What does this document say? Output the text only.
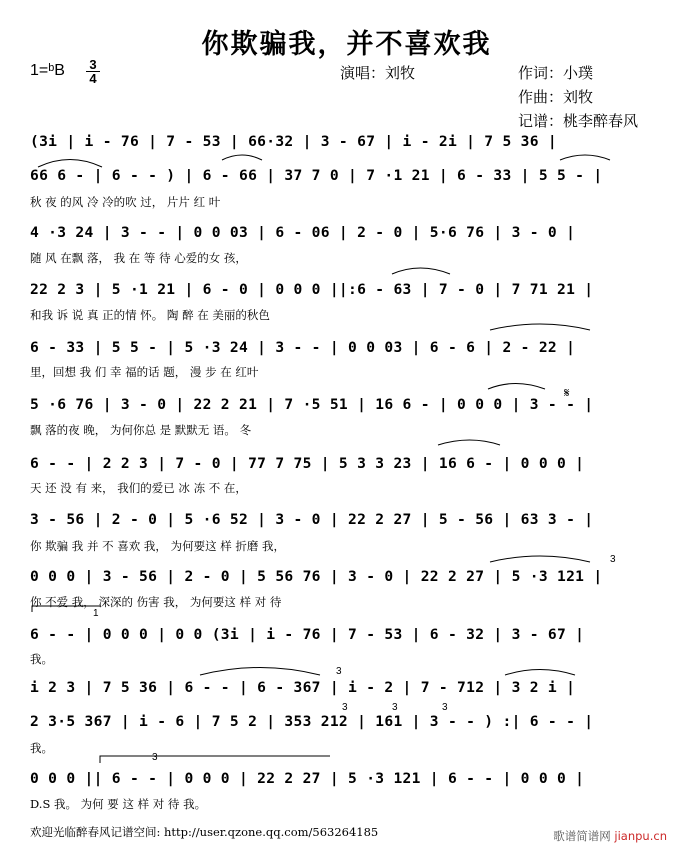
你欺骗我，并不喜欢我
1=ᵇB 3
4	演唱：刘牧	作词：小璞
作曲：刘牧
记谱：桃李醉春风
(3i | i - 76 | 7 - 53 | 66·32 | 3 - 67 | i - 2i | 7 5 36 |
66 6 - | 6 - - ) | 6 - 66 | 37 7 0 | 7 ·1 21 | 6 - 33 | 5 5 - |
秋 夜 的风 冷 冷的吹 过， 片片 红 叶
4 ·3 24 | 3 - - | 0 0 03 | 6 - 06 | 2 - 0 | 5·6 76 | 3 - 0 |
随 风 在飘 落， 我 在 等 待 心爱的女 孩，
22 2 3 | 5 ·1 21 | 6 - 0 | 0 0 0 ||:6 - 63 | 7 - 0 | 7 71 21 |
和我 诉 说 真 正的情 怀。 陶 醉 在 美丽的秋色
6 - 33 | 5 5 - | 5 ·3 24 | 3 - - | 0 0 03 | 6 - 6 | 2 - 22 |
里，回想 我 们 幸 福的话 题， 漫 步 在 红叶
5 ·6 76 | 3 - 0 | 22 2 21 | 7 ·5 51 | 16 6 - | 0 0 0 | 3 - - |
飘 落的夜 晚， 为何你总 是 默默无 语。 冬
6 - - | 2 2 3 | 7 - 0 | 77 7 75 | 5 3 3 23 | 16 6 - | 0 0 0 |
天 还 没 有 来， 我们的爱已 冰 冻 不 在，
3 - 56 | 2 - 0 | 5 ·6 52 | 3 - 0 | 22 2 27 | 5 - 56 | 63 3 - |
你 欺骗 我 并 不 喜欢 我， 为何要这 样 折磨 我，
0 0 0 | 3 - 56 | 2 - 0 | 5 56 76 | 3 - 0 | 22 2 27 | 5 ·3 121 |
你 不爱 我， 深深的 伤害 我， 为何要这 样 对 待
6 - - | 0 0 0 | 0 0 (3i | i - 76 | 7 - 53 | 6 - 32 | 3 - 67 |
我。
i 2 3 | 7 5 36 | 6 - - | 6 - 367 | i - 2 | 7 - 712 | 3 2 i |
2 3·5 367 | i - 6 | 7 5 2 | 353 212 | 161 | 3 - - ) :| 6 - - |
我。
0 0 0 || 6 - - | 0 0 0 | 22 2 27 | 5 ·3 121 | 6 - - | 0 0 0 |
D.S 我。 为何 要 这 样 对 待 我。
1
3
𝄋
3
3	3	3
3
欢迎光临醉春风记谱空间: http://user.qzone.qq.com/563264185	歌谱简谱网 jianpu.cn
